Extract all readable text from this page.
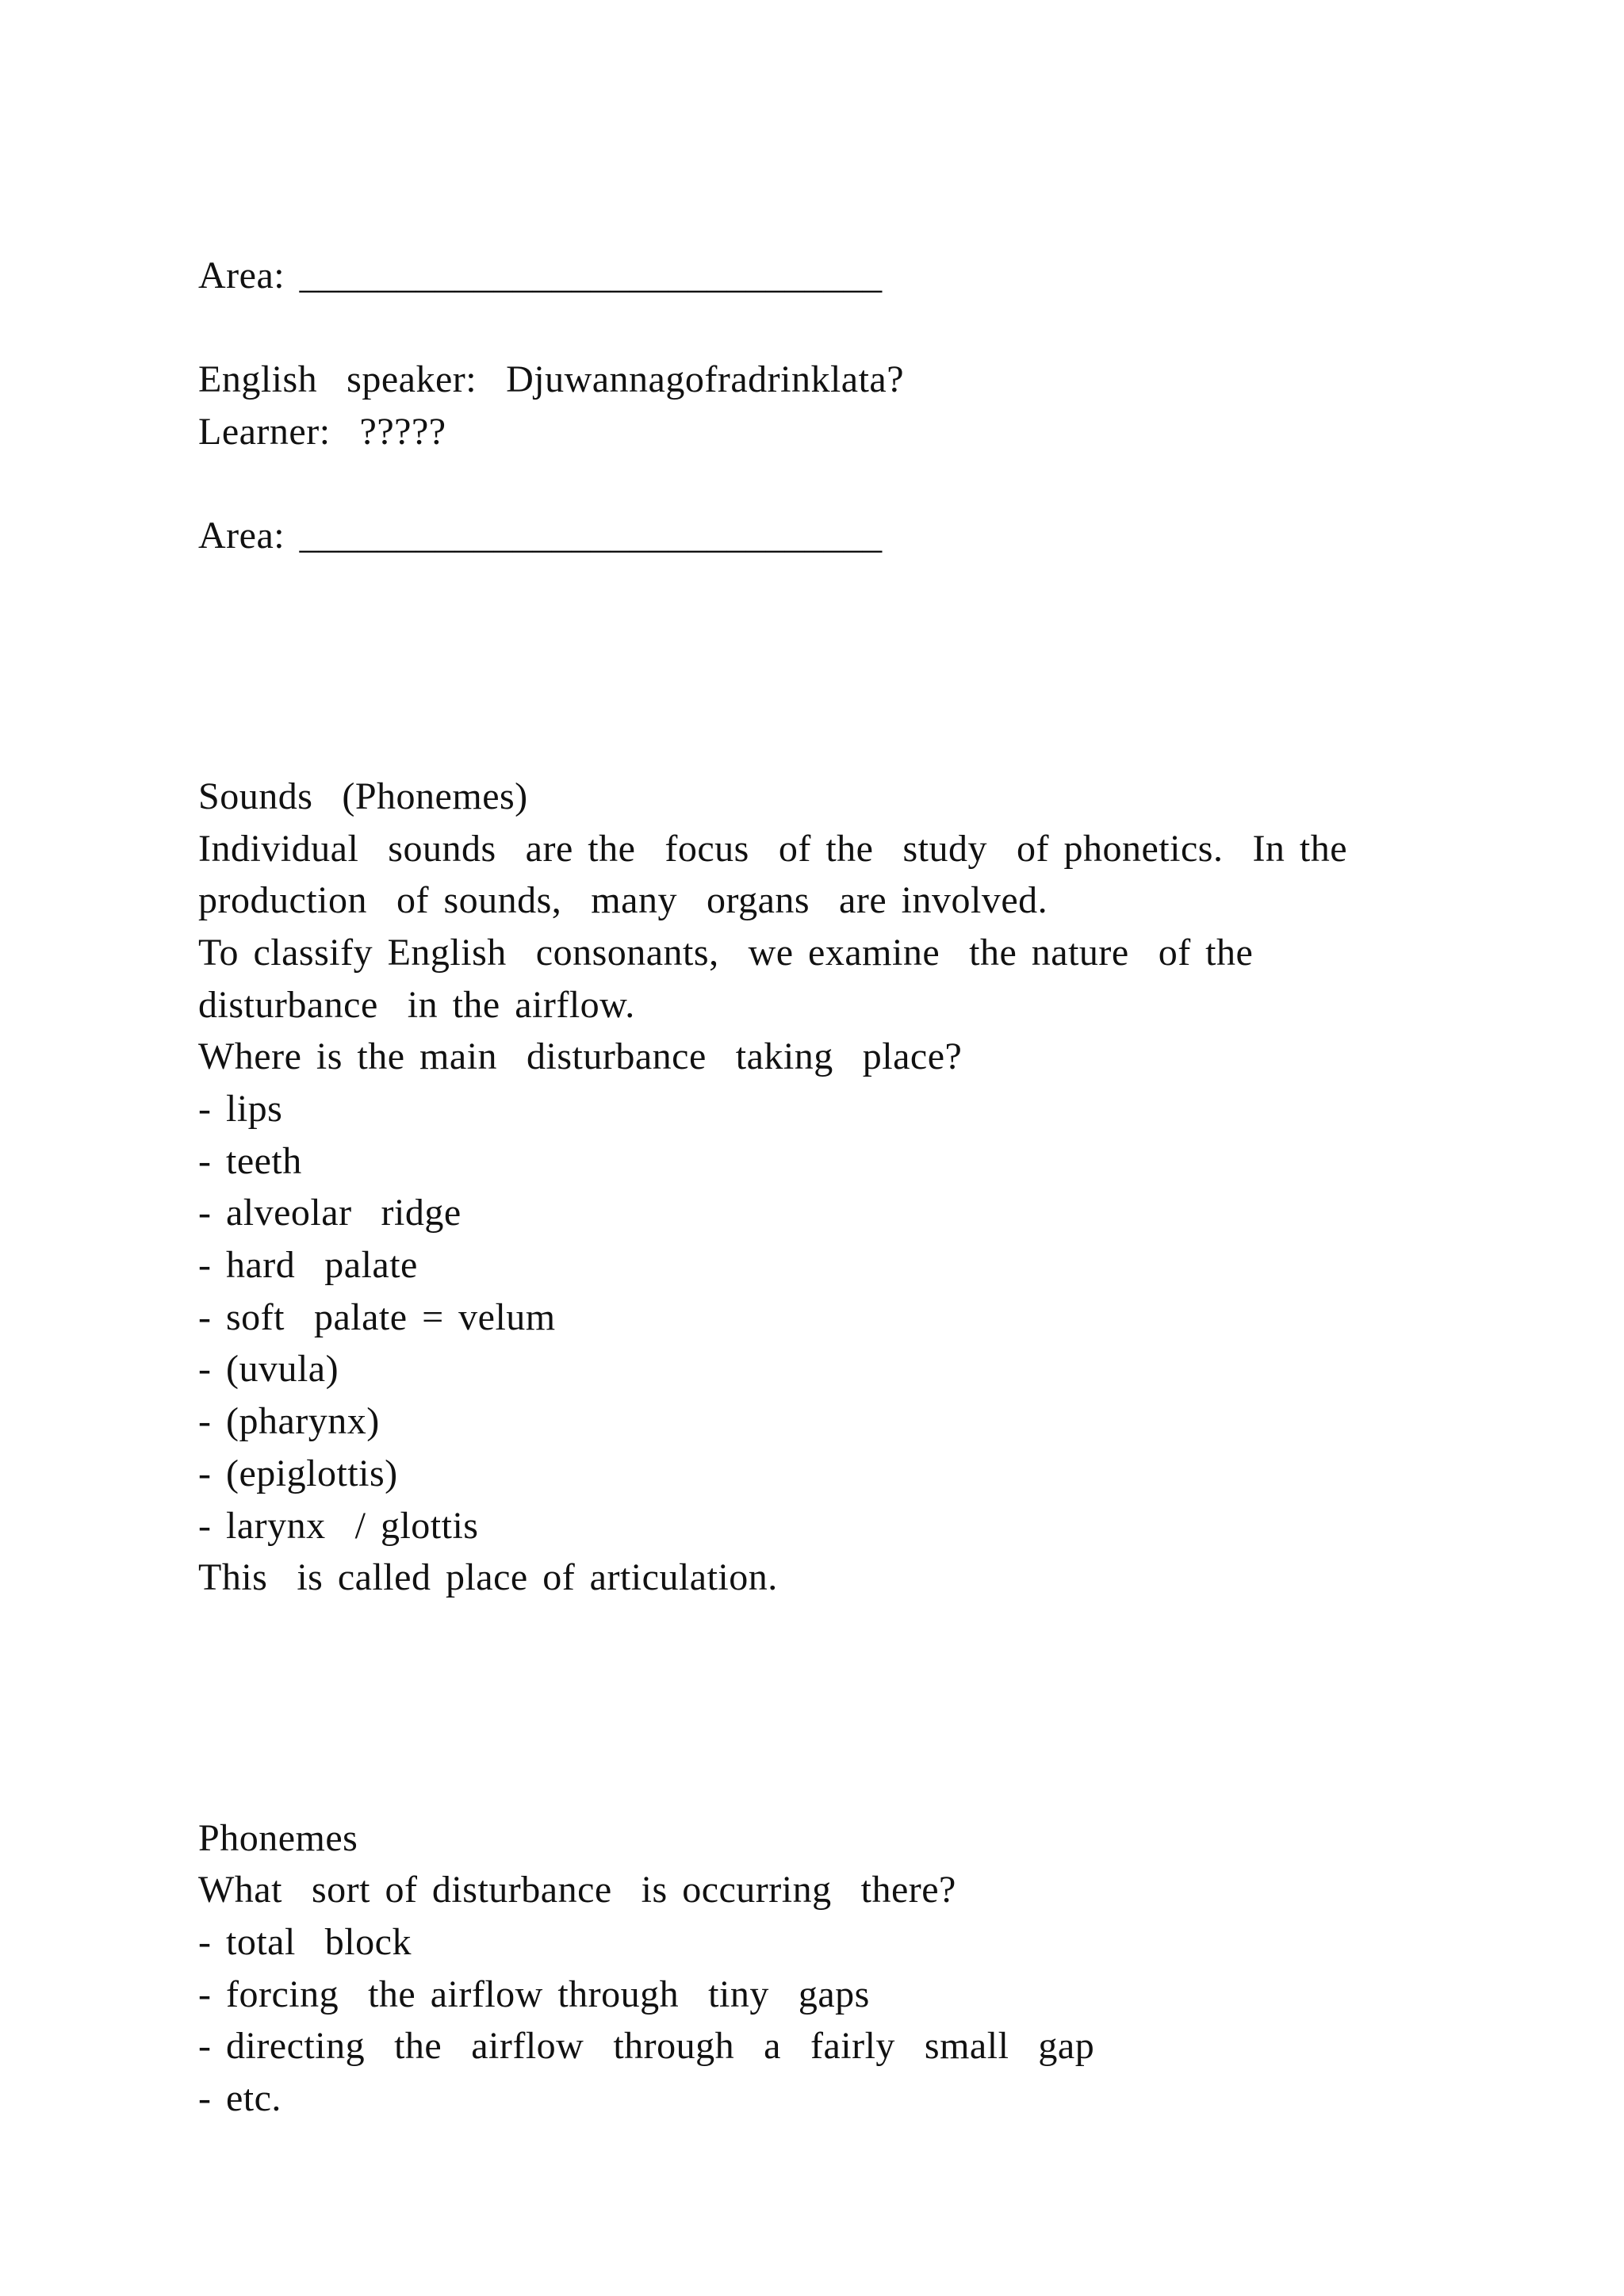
Area: ______________________________
English  speaker:  Djuwannagofradrinklata?
Learner:  ?????
Area: ______________________________
Sounds  (Phonemes)
Individual  sounds  are the  focus  of the  study  of phonetics.  In the
production  of sounds,  many  organs  are involved.
To classify English  consonants,  we examine  the nature  of the
disturbance  in the airflow.
Where is the main  disturbance  taking  place?
- lips
- teeth
- alveolar  ridge
- hard  palate
- soft  palate = velum
- (uvula)
- (pharynx)
- (epiglottis)
- larynx  / glottis
This  is called place of articulation.
Phonemes
What  sort of disturbance  is occurring  there?
- total  block
- forcing  the airflow through  tiny  gaps
- directing  the  airflow  through  a  fairly  small  gap
- etc.
